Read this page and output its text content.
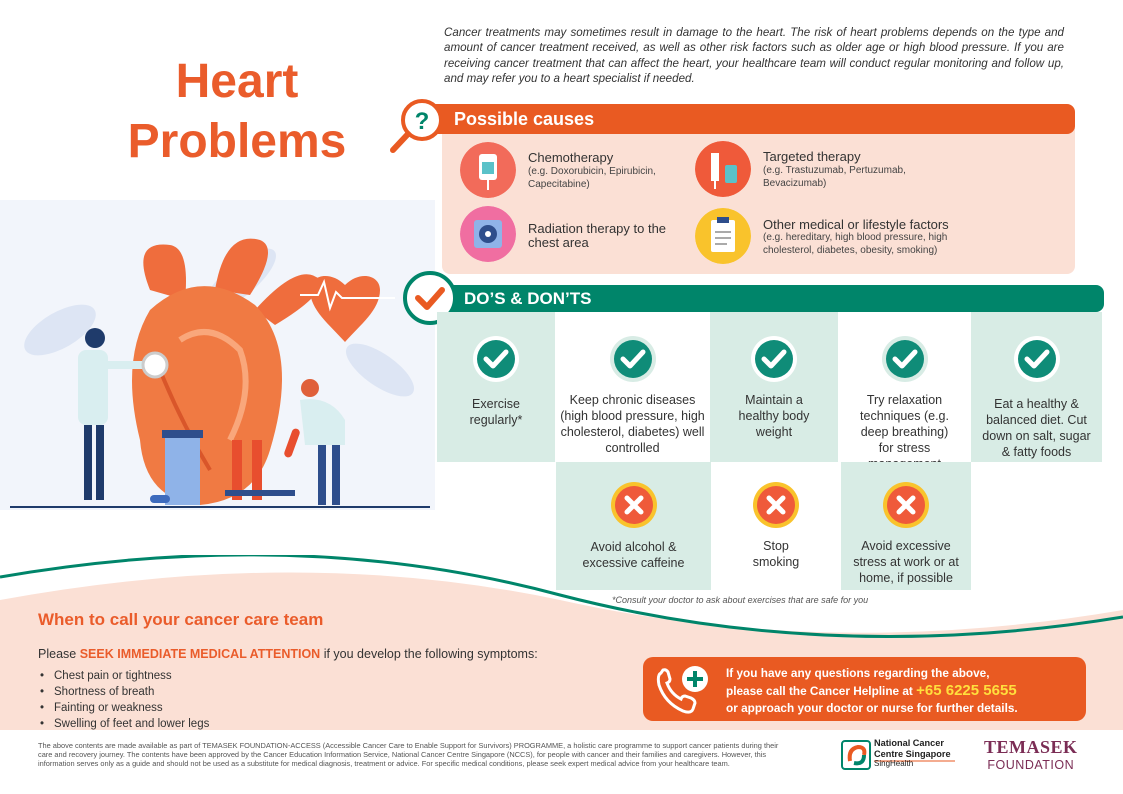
Cancer treatments may sometimes result in damage to the heart. The risk of heart problems depends on the type and amount of cancer treatment received, as well as other risk factors such as older age or high blood pressure. If you are receiving cancer treatment that can affect the heart, your healthcare team will conduct regular monitoring and follow up, and may refer you to a heart specialist if needed.

Heart
Problems	Possible causes
?
Chemotherapy
(e.g. Doxorubicin, Epirubicin, Capecitabine)
Targeted therapy
(e.g. Trastuzumab, Pertuzumab, Bevacizumab)
Radiation therapy to the chest area
Other medical or lifestyle factors
(e.g. hereditary, high blood pressure, high cholesterol, diabetes, obesity, smoking)
DO’S & DON’TS
Exercise regularly*
Keep chronic diseases (high blood pressure, high cholesterol, diabetes) well controlled
Maintain a healthy body weight
Try relaxation techniques (e.g. deep breathing) for stress
Eat a healthy & balanced diet. Cut down on salt, sugar & fatty foods
Avoid alcohol & excessive caffeine
Stop smoking
Avoid excessive stress at work or at home, if possible
*Consult your doctor to ask about exercises that are safe for you
When to call your cancer care team

Please SEEK IMMEDIATE MEDICAL ATTENTION if you develop the following symptoms:

• Chest pain or tightness
• Shortness of breath
• Fainting or weakness
• Swelling of feet and lower legs
If you have any questions regarding the above,
please call the Cancer Helpline at +65 6225 5655
or approach your doctor or nurse for further details.

The above contents are made available as part of TEMASEK FOUNDATION-ACCESS (Accessible Cancer Care to Enable Support for Survivors) PROGRAMME, a holistic care programme to support cancer patients during their care and recovery journey. The contents have been approved by the Cancer Education Information Service, National Cancer Centre Singapore (NCCS), for people with cancer and their families and caregivers. However, this information serves only as a guide and should not be used as a substitute for medical diagnosis, treatment or advice. For specific medical conditions, please seek expert medical advice from your healthcare team.

National Cancer
Centre Singapore
SingHealth
TEMASEK
FOUNDATION
